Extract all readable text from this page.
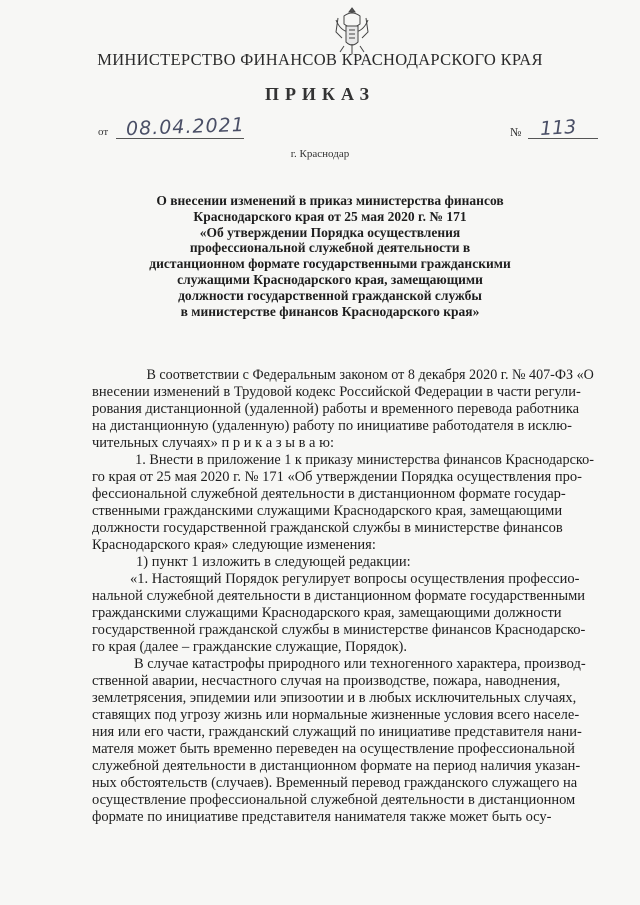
МИНИСТЕРСТВО ФИНАНСОВ КРАСНОДАРСКОГО КРАЯ
ПРИКАЗ
от 08.04.2021	№ 113
г. Краснодар
О внесении изменений в приказ министерства финансов
Краснодарского края от 25 мая 2020 г. № 171
«Об утверждении Порядка осуществления
профессиональной служебной деятельности в
дистанционном формате государственными гражданскими
служащими Краснодарского края, замещающими
должности государственной гражданской службы
в министерстве финансов Краснодарского края»
В соответствии с Федеральным законом от 8 декабря 2020 г. № 407-ФЗ «О
внесении изменений в Трудовой кодекс Российской Федерации в части регули-
рования дистанционной (удаленной) работы и временного перевода работника
на дистанционную (удаленную) работу по инициативе работодателя в исклю-
чительных случаях» п р и к а з ы в а ю:
1. Внести в приложение 1 к приказу министерства финансов Краснодарско-
го края от 25 мая 2020 г. № 171 «Об утверждении Порядка осуществления про-
фессиональной служебной деятельности в дистанционном формате государ-
ственными гражданскими служащими Краснодарского края, замещающими
должности государственной гражданской службы в министерстве финансов
Краснодарского края» следующие изменения:
1) пункт 1 изложить в следующей редакции:
«1. Настоящий Порядок регулирует вопросы осуществления профессио-
нальной служебной деятельности в дистанционном формате государственными
гражданскими служащими Краснодарского края, замещающими должности
государственной гражданской службы в министерстве финансов Краснодарско-
го края (далее – гражданские служащие, Порядок).
В случае катастрофы природного или техногенного характера, производ-
ственной аварии, несчастного случая на производстве, пожара, наводнения,
землетрясения, эпидемии или эпизоотии и в любых исключительных случаях,
ставящих под угрозу жизнь или нормальные жизненные условия всего населе-
ния или его части, гражданский служащий по инициативе представителя нани-
мателя может быть временно переведен на осуществление профессиональной
служебной деятельности в дистанционном формате на период наличия указан-
ных обстоятельств (случаев). Временный перевод гражданского служащего на
осуществление профессиональной служебной деятельности в дистанционном
формате по инициативе представителя нанимателя также может быть осу-
